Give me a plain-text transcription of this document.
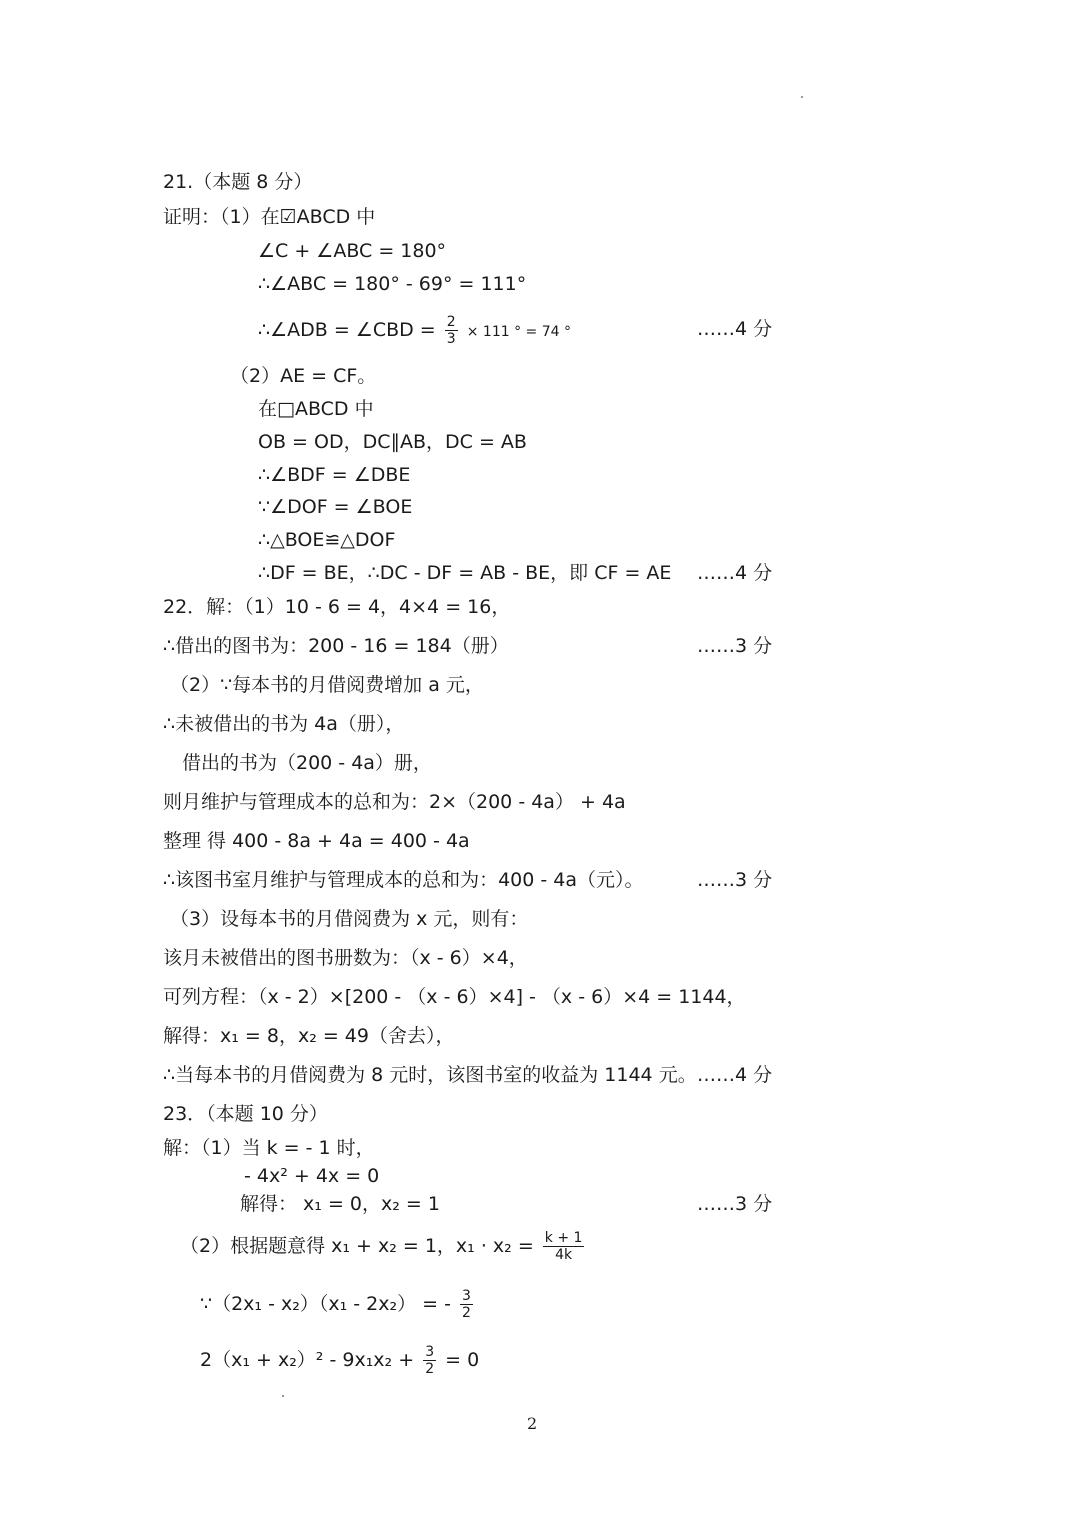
21.（本题 8 分）
证明：（1）在☑ABCD 中
∠C + ∠ABC = 180°
∴∠ABC = 180° - 69° = 111°
∴∠ADB = ∠CBD = $\frac{2}{3} \times 111$ ° = 74 °	……4 分
（2）AE = CF。
在□ABCD 中
OB = OD，DC∥AB，DC = AB
∴∠BDF = ∠DBE
∵∠DOF = ∠BOE
∴△BOE≌△DOF
∴DF = BE，∴DC - DF = AB - BE，即 CF = AE ……4 分
22．解：（1）10 - 6 = 4，4×4 = 16，
∴借出的图书为：200 - 16 = 184（册）	……3 分
（2）∵每本书的月借阅费增加 a 元，
∴未被借出的书为 4a（册），
借出的书为（200 - 4a）册，
则月维护与管理成本的总和为：2×（200 - 4a） + 4a
整理 得 400 - 8a + 4a = 400 - 4a
∴该图书室月维护与管理成本的总和为：400 - 4a（元）。	……3 分
（3）设每本书的月借阅费为 x 元，则有：
该月未被借出的图书册数为：（x - 6）×4，
可列方程：（x - 2）×[200 - （x - 6）×4] - （x - 6）×4 = 1144，
解得：x₁ = 8，x₂ = 49（舍去），
∴当每本书的月借阅费为 8 元时，该图书室的收益为 1144 元。 ……4 分
23．（本题 10 分）
解：（1）当 k = - 1 时，
- 4x² + 4x = 0
解得： x₁ = 0，x₂ = 1	……3 分
（2）根据题意得 x₁ + x₂ = 1，$x_1 \cdot x_2 = \frac{k + 1}{4k}$
∵（2x₁ - x₂）（x₁ - 2x₂） = - $\frac{3}{2}$
$2(x_1 + x_2)^2 - 9x_1x_2 + \frac{3}{2} = 0$
2
